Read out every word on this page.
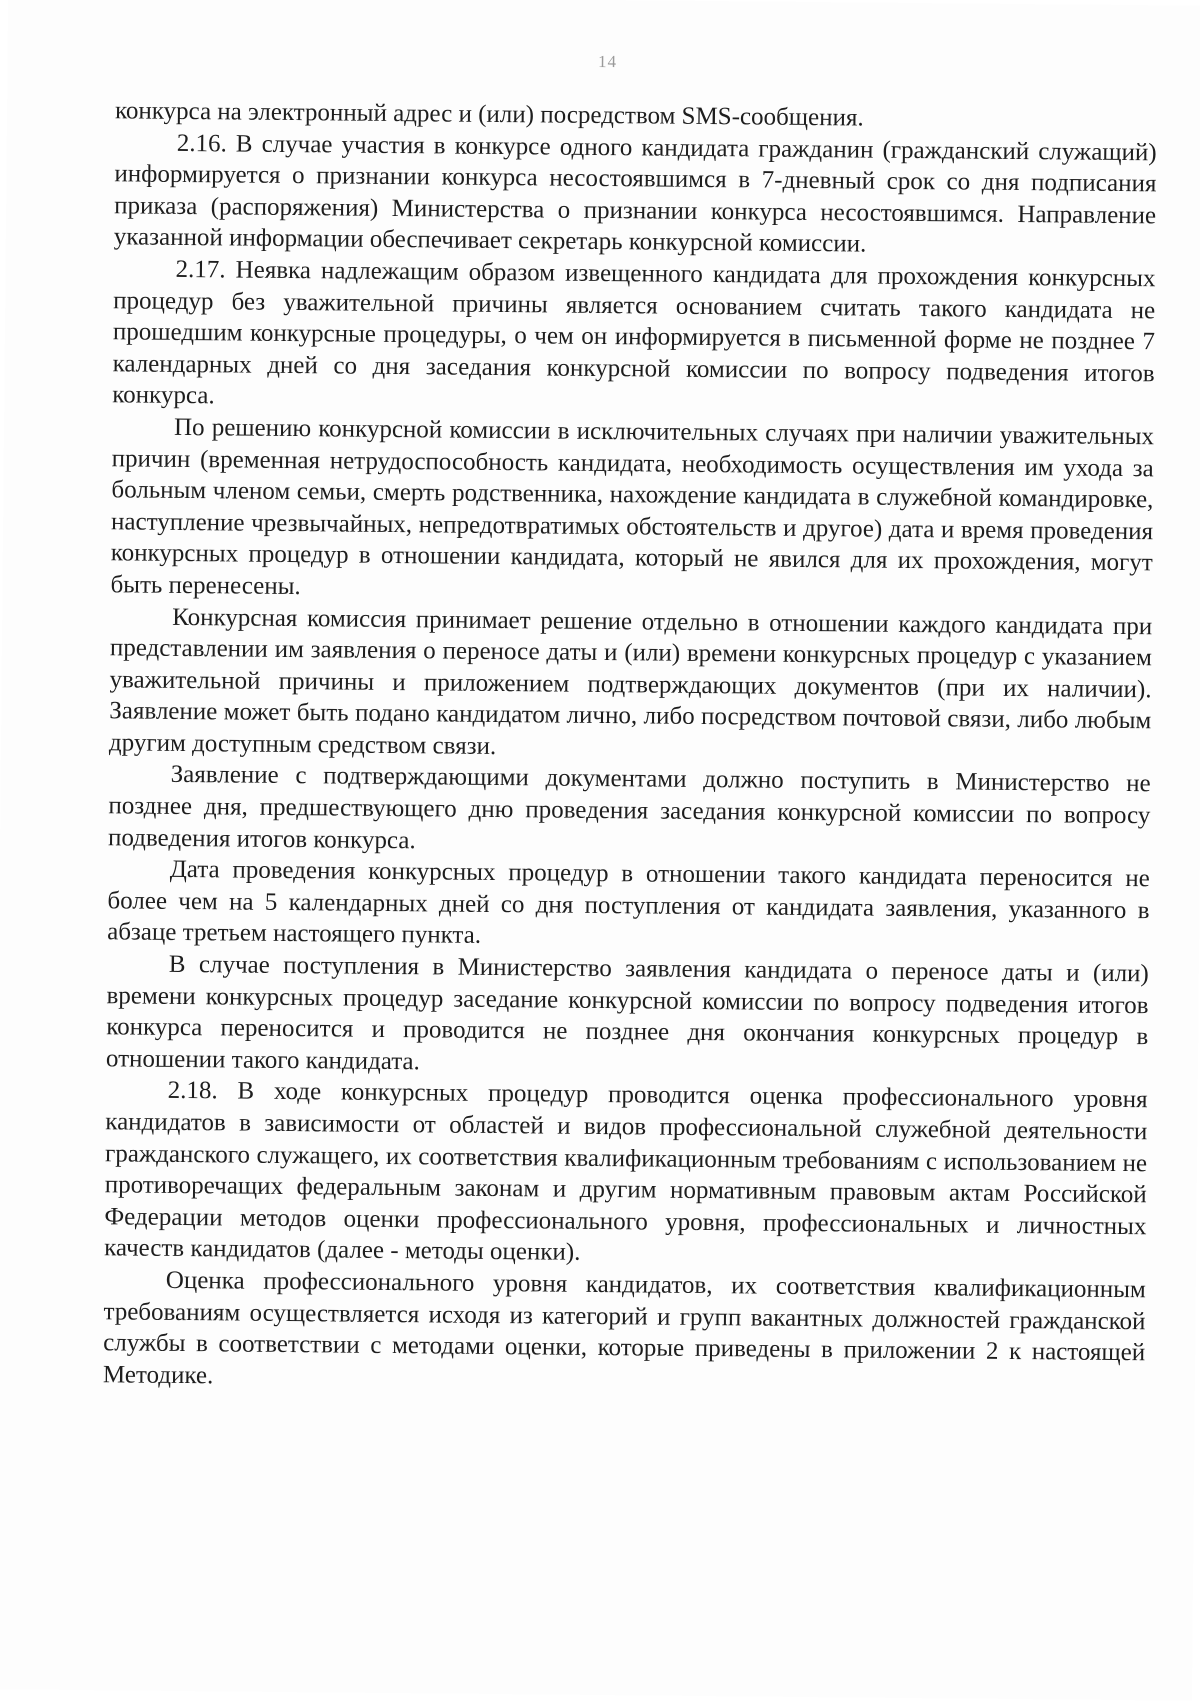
14

конкурса на электронный адрес и (или) посредством SMS-сообщения.

2.16. В случае участия в конкурсе одного кандидата гражданин (гражданский служащий) информируется о признании конкурса несостоявшимся в 7-дневный срок со дня подписания приказа (распоряжения) Министерства о признании конкурса несостоявшимся. Направление указанной информации обеспечивает секретарь конкурсной комиссии.

2.17. Неявка надлежащим образом извещенного кандидата для прохождения конкурсных процедур без уважительной причины является основанием считать такого кандидата не прошедшим конкурсные процедуры, о чем он информируется в письменной форме не позднее 7 календарных дней со дня заседания конкурсной комиссии по вопросу подведения итогов конкурса.

По решению конкурсной комиссии в исключительных случаях при наличии уважительных причин (временная нетрудоспособность кандидата, необходимость осуществления им ухода за больным членом семьи, смерть родственника, нахождение кандидата в служебной командировке, наступление чрезвычайных, непредотвратимых обстоятельств и другое) дата и время проведения конкурсных процедур в отношении кандидата, который не явился для их прохождения, могут быть перенесены.

Конкурсная комиссия принимает решение отдельно в отношении каждого кандидата при представлении им заявления о переносе даты и (или) времени конкурсных процедур с указанием уважительной причины и приложением подтверждающих документов (при их наличии). Заявление может быть подано кандидатом лично, либо посредством почтовой связи, либо любым другим доступным средством связи.

Заявление с подтверждающими документами должно поступить в Министерство не позднее дня, предшествующего дню проведения заседания конкурсной комиссии по вопросу подведения итогов конкурса.

Дата проведения конкурсных процедур в отношении такого кандидата переносится не более чем на 5 календарных дней со дня поступления от кандидата заявления, указанного в абзаце третьем настоящего пункта.

В случае поступления в Министерство заявления кандидата о переносе даты и (или) времени конкурсных процедур заседание конкурсной комиссии по вопросу подведения итогов конкурса переносится и проводится не позднее дня окончания конкурсных процедур в отношении такого кандидата.

2.18. В ходе конкурсных процедур проводится оценка профессионального уровня кандидатов в зависимости от областей и видов профессиональной служебной деятельности гражданского служащего, их соответствия квалификационным требованиям с использованием не противоречащих федеральным законам и другим нормативным правовым актам Российской Федерации методов оценки профессионального уровня, профессиональных и личностных качеств кандидатов (далее - методы оценки).

Оценка профессионального уровня кандидатов, их соответствия квалификационным требованиям осуществляется исходя из категорий и групп вакантных должностей гражданской службы в соответствии с методами оценки, которые приведены в приложении 2 к настоящей Методике.
